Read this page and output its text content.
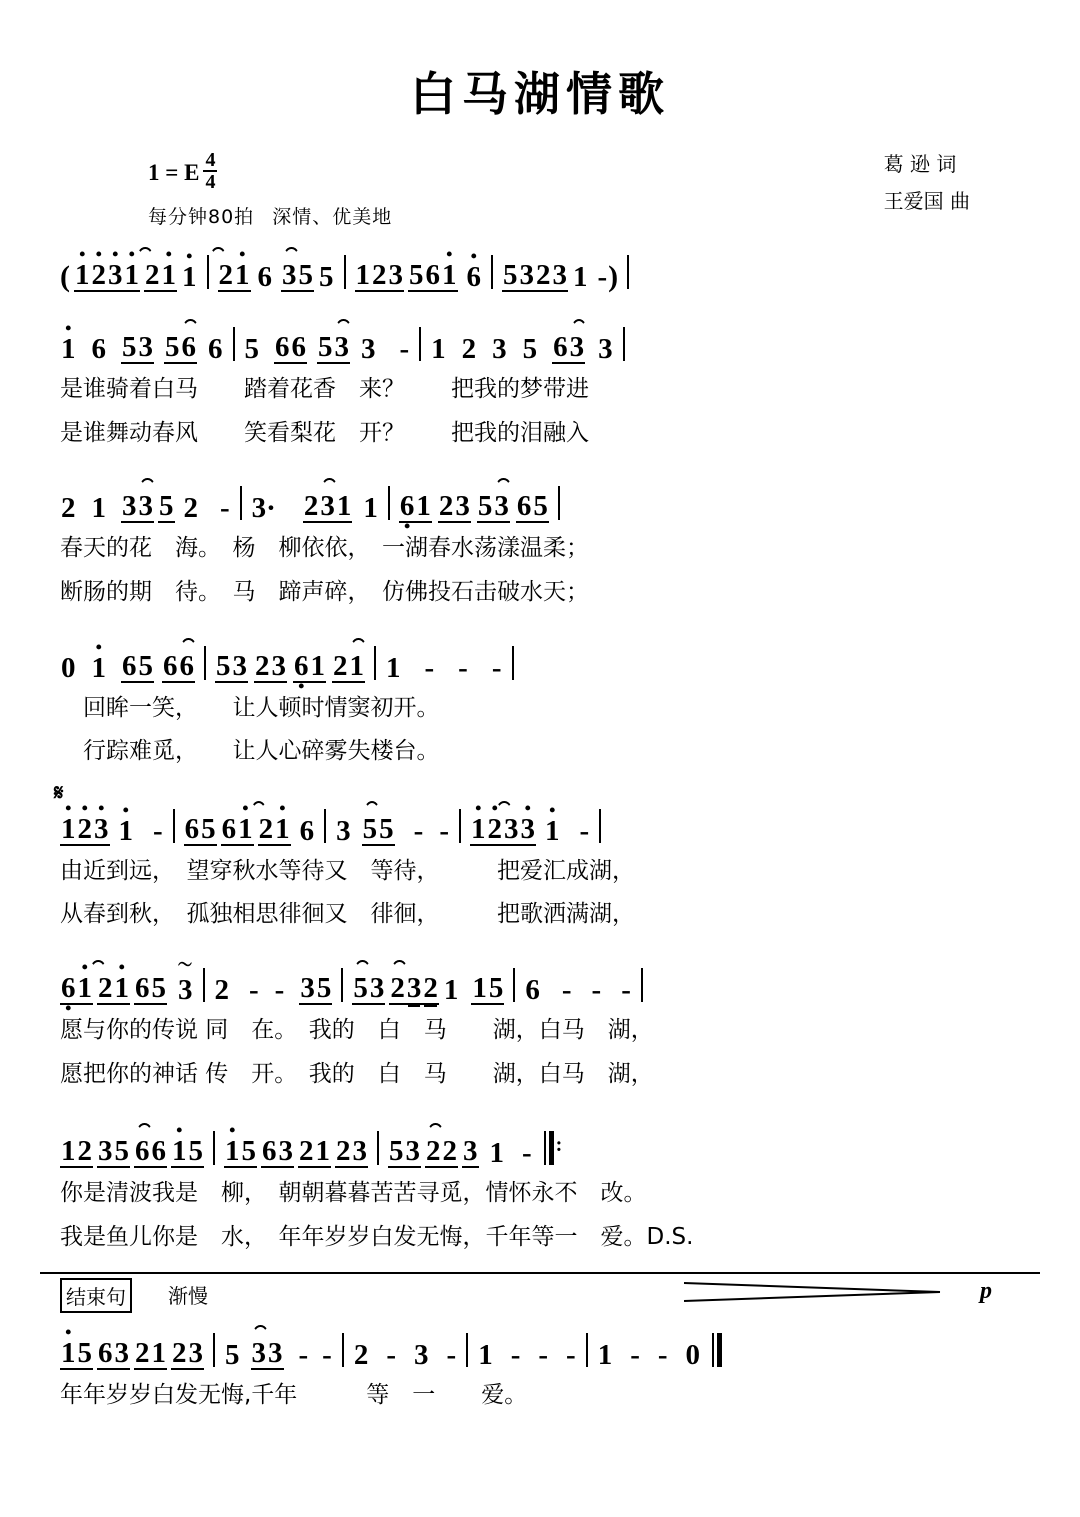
白马湖情歌
1 = E $\frac{4}{4}$
每分钟80拍 深情、优美地
葛 逊 词
王爱国 曲
( • 1 • 2 • 3 • 1 2 • 1 • 1 2 • 1 6 3 5 5 1 2 3 5 6 • 1 • 6 5 3 2 3 1 - )
• 1 6 5 3 5 6 6 5 6 6 5 3 3 - 1 2 3 5 6 3 3
是谁骑着白马　　踏着花香　来？　　把我的梦带进
是谁舞动春风　　笑看梨花　开？　　把我的泪融入
2 1 3 3 5 2 - 3· 2 3 1 1 6 • 1 2 3 5 3 6 5
春天的花　海。　杨　柳依依，　一湖春水荡漾温柔；
断肠的期　待。　马　蹄声碎，　仿佛投石击破水天；
0 • 1 6 5 6 6 5 3 2 3 6 • 1 2 1 1 - - -
　回眸一笑，　　让人顿时情窦初开。
　行踪难觅，　　让人心碎雾失楼台。
𝄋
• 1 • 2 • 3 • 1 - 6 5 6 • 1 2 • 1 6 3 5 5 - - • 1 • 2 3 • 3 • 1 -
由近到远，　望穿秋水等待又　等待，　　　把爱汇成湖，
从春到秋，　孤独相思徘徊又　徘徊，　　　把歌洒满湖，
6 • • 1 2 • 1 6 5 〜 3 2 - - 3 5 5 3 2 3 2 1 1 5 6 - - -
愿与你的传说 同　在。　我的　白　马　　湖，白马　湖，
愿把你的神话 传　开。　我的　白　马　　湖，白马　湖，
1 2 3 5 6 6 • 1 5 • 1 5 6 3 2 1 2 3 5 3 2 2 3 1 -	:
你是清波我是　柳，　朝朝暮暮苦苦寻觅，情怀永不　改。
我是鱼儿你是　水，　年年岁岁白发无悔，千年等一　爱。D.S.
结束句	渐慢	p
• 1 5 6 3 2 1 2 3 5 3 3 - - 2 - 3 - 1 - - - 1 - - 0
年年岁岁白发无悔,千年　　　等　一　　爱。
